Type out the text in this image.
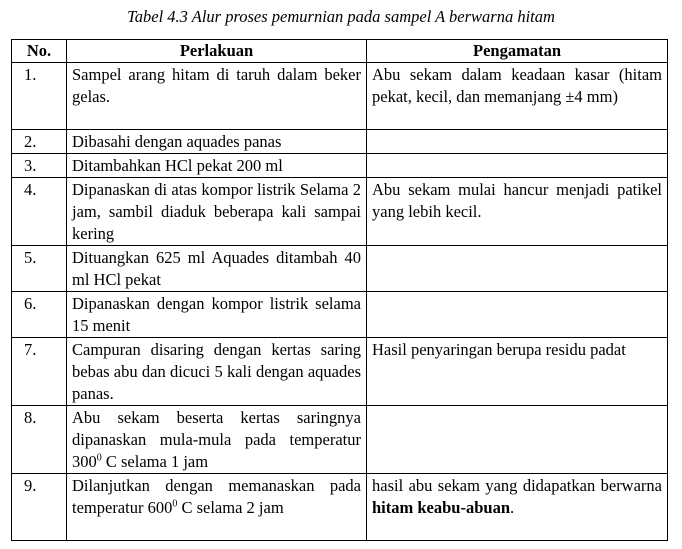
Tabel 4.3 Alur proses pemurnian pada sampel A berwarna hitam
No.	Perlakuan	Pengamatan
1.	Sampel arang hitam di taruh dalam beker gelas.	Abu sekam dalam keadaan kasar (hitam pekat, kecil, dan memanjang ±4 mm)
2.	Dibasahi dengan aquades panas	
3.	Ditambahkan HCl pekat 200 ml	
4.	Dipanaskan di atas kompor listrik Selama 2 jam, sambil diaduk beberapa kali sampai kering	Abu sekam mulai hancur menjadi patikel yang lebih kecil.
5.	Dituangkan 625 ml Aquades ditambah 40 ml HCl pekat	
6.	Dipanaskan dengan kompor listrik selama 15 menit	
7.	Campuran disaring dengan kertas saring bebas abu dan dicuci 5 kali dengan aquades panas.	Hasil penyaringan berupa residu padat
8.	Abu sekam beserta kertas saringnya dipanaskan mula-mula pada temperatur $300^0$ C selama 1 jam	
9.	Dilanjutkan dengan memanaskan pada temperatur $600^0$ C selama 2 jam	hasil abu sekam yang didapatkan berwarna hitam keabu-abuan.
